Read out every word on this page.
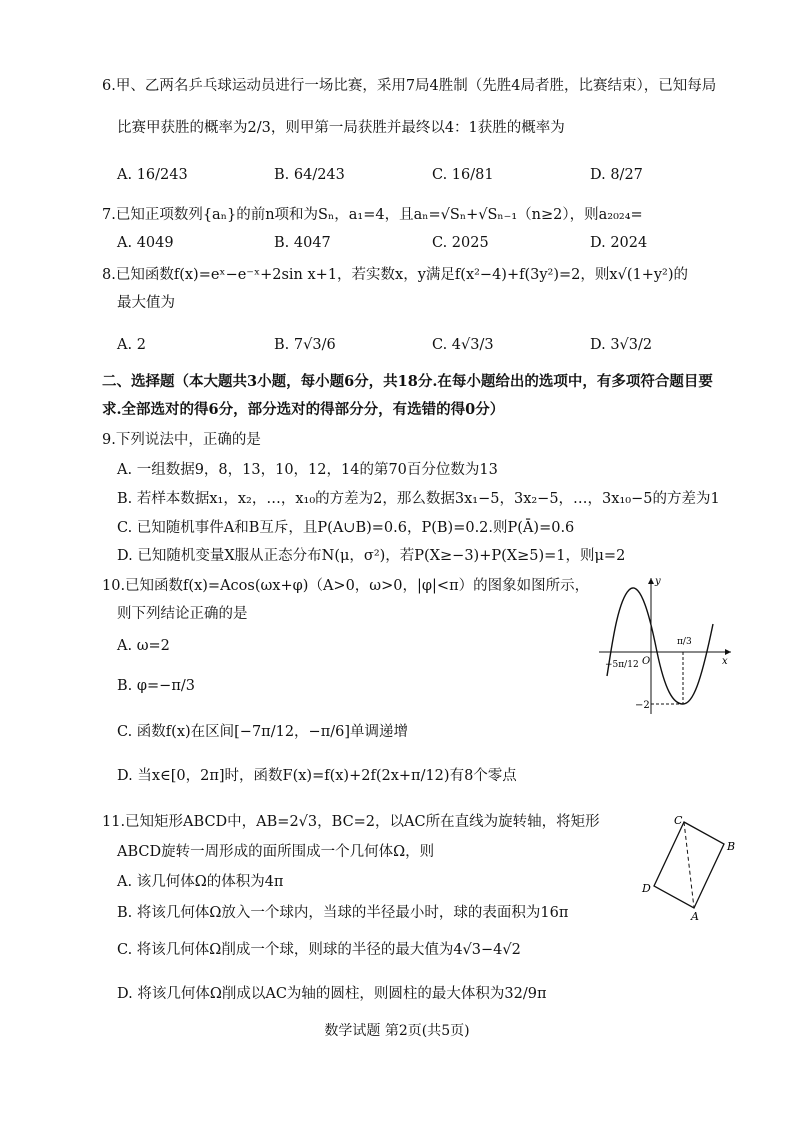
6.甲、乙两名乒乓球运动员进行一场比赛，采用7局4胜制（先胜4局者胜，比赛结束），已知每局
比赛甲获胜的概率为2/3，则甲第一局获胜并最终以4：1获胜的概率为
A. 16/243	B. 64/243	C. 16/81	D. 8/27
7.已知正项数列{aₙ}的前n项和为Sₙ，a₁=4，且aₙ=√Sₙ+√Sₙ₋₁（n≥2），则a₂₀₂₄=
A. 4049	B. 4047	C. 2025	D. 2024
8.已知函数f(x)=eˣ−e⁻ˣ+2sin x+1，若实数x，y满足f(x²−4)+f(3y²)=2，则x√(1+y²)的
最大值为
A. 2	B. 7√3/6	C. 4√3/3	D. 3√3/2
二、选择题（本大题共3小题，每小题6分，共18分.在每小题给出的选项中，有多项符合题目要
求.全部选对的得6分，部分选对的得部分分，有选错的得0分）
9.下列说法中，正确的是
A. 一组数据9，8，13，10，12，14的第70百分位数为13
B. 若样本数据x₁，x₂，…，x₁₀的方差为2，那么数据3x₁−5，3x₂−5，…，3x₁₀−5的方差为1
C. 已知随机事件A和B互斥，且P(A∪B)=0.6，P(B)=0.2.则P(Ā)=0.6
D. 已知随机变量X服从正态分布N(μ，σ²)，若P(X≥−3)+P(X≥5)=1，则μ=2
10.已知函数f(x)=Acos(ωx+φ)（A>0，ω>0，|φ|<π）的图象如图所示，
则下列结论正确的是
A. ω=2
B. φ=−π/3
C. 函数f(x)在区间[−7π/12，−π/6]单调递增
D. 当x∈[0，2π]时，函数F(x)=f(x)+2f(2x+π/12)有8个零点
y
x
O
−5π/12
π/3
−2
11.已知矩形ABCD中，AB=2√3，BC=2，以AC所在直线为旋转轴，将矩形
ABCD旋转一周形成的面所围成一个几何体Ω，则
A. 该几何体Ω的体积为4π
B. 将该几何体Ω放入一个球内，当球的半径最小时，球的表面积为16π
C. 将该几何体Ω削成一个球，则球的半径的最大值为4√3−4√2
D. 将该几何体Ω削成以AC为轴的圆柱，则圆柱的最大体积为32/9π
C
B
D
A
数学试题 第2页(共5页)
